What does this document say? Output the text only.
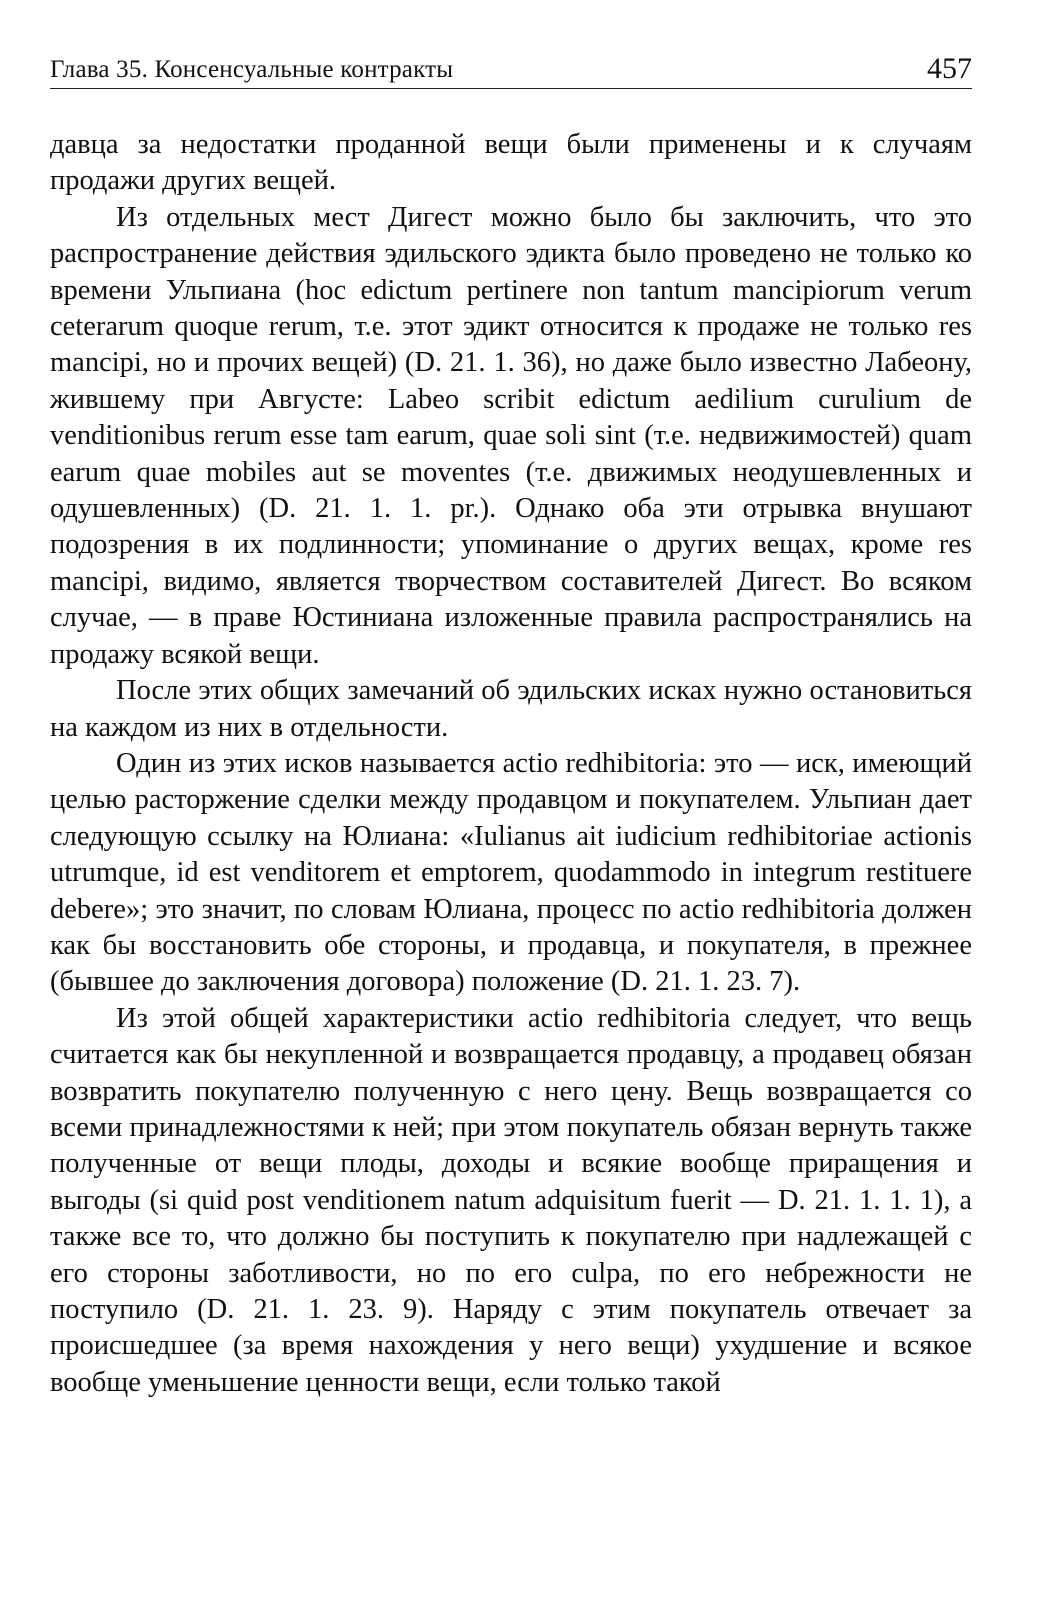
Глава 35. Консенсуальные контракты	457

давца за недостатки проданной вещи были применены и к случаям продажи других вещей.

Из отдельных мест Дигест можно было бы заключить, что это распространение действия эдильского эдикта было проведено не только ко времени Ульпиана (hoc edictum pertinere non tantum mancipiorum verum ceterarum quoque rerum, т.е. этот эдикт относится к продаже не только res mancipi, но и прочих вещей) (D. 21. 1. 36), но даже было известно Лабеону, жившему при Августе: Labeo scribit edictum aedilium curulium de venditionibus rerum esse tam earum, quae soli sint (т.е. недвижимостей) quam earum quae mobiles aut se moventes (т.е. движимых неодушевленных и одушевленных) (D. 21. 1. 1. pr.). Однако оба эти отрывка внушают подозрения в их подлинности; упоминание о других вещах, кроме res mancipi, видимо, является творчеством составителей Дигест. Во всяком случае, — в праве Юстиниана изложенные правила распространялись на продажу всякой вещи.

После этих общих замечаний об эдильских исках нужно остановиться на каждом из них в отдельности.

Один из этих исков называется actio redhibitoria: это — иск, имеющий целью расторжение сделки между продавцом и покупателем. Ульпиан дает следующую ссылку на Юлиана: «Iulianus ait iudicium redhibitoriae actionis utrumque, id est venditorem et emptorem, quodammodo in integrum restituere debere»; это значит, по словам Юлиана, процесс по actio redhibitoria должен как бы восстановить обе стороны, и продавца, и покупателя, в прежнее (бывшее до заключения договора) положение (D. 21. 1. 23. 7).

Из этой общей характеристики actio redhibitoria следует, что вещь считается как бы некупленной и возвращается продавцу, а продавец обязан возвратить покупателю полученную с него цену. Вещь возвращается со всеми принадлежностями к ней; при этом покупатель обязан вернуть также полученные от вещи плоды, доходы и всякие вообще приращения и выгоды (si quid post venditionem natum adquisitum fuerit — D. 21. 1. 1. 1), а также все то, что должно бы поступить к покупателю при надлежащей с его стороны заботливости, но по его culpa, по его небрежности не поступило (D. 21. 1. 23. 9). Наряду с этим покупатель отвечает за происшедшее (за время нахождения у него вещи) ухудшение и всякое вообще уменьшение ценности вещи, если только такой
